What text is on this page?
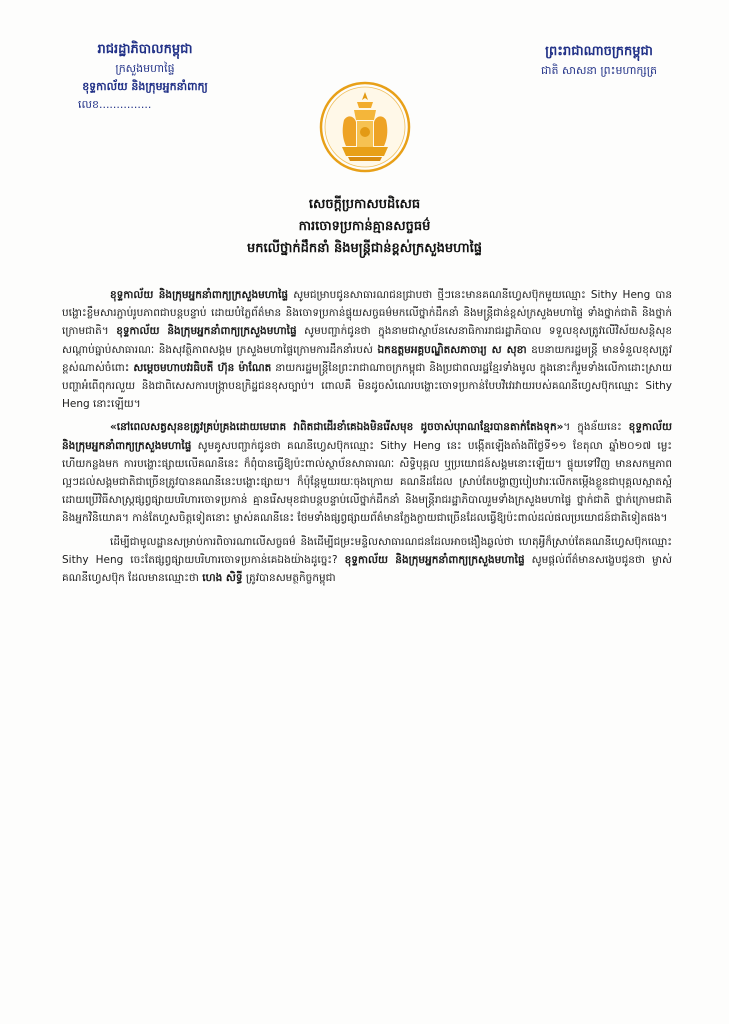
រាជរដ្ឋាភិបាលកម្ពុជា
ក្រសួងមហាផ្ទៃ
ខុទ្ទកាល័យ និងក្រុមអ្នកនាំពាក្យ
លេខ...............
ព្រះរាជាណាចក្រកម្ពុជា
ជាតិ សាសនា ព្រះមហាក្សត្រ
សេចក្តីប្រកាសបដិសេធ
ការចោទប្រកាន់គ្មានសច្ចធម៌
មកលើថ្នាក់ដឹកនាំ និងមន្ត្រីជាន់ខ្ពស់ក្រសួងមហាផ្ទៃ

ខុទ្ទកាល័យ និងក្រុមអ្នកនាំពាក្យក្រសួងមហាផ្ទៃ សូមជម្រាបជូនសាធារណជនជ្រាបថា ថ្មីៗនេះមានគណនីហ្វេសប៊ុកមួយឈ្មោះ Sithy Heng បានបង្ហោះខ្លឹមសារភ្ជាប់រូបភាពជាបន្តបន្ទាប់ ដោយបំភ្លៃព័ត៌មាន និងចោទប្រកាន់ផ្ទុយសច្ចធម៌មកលើថ្នាក់ដឹកនាំ និងមន្ត្រីជាន់ខ្ពស់ក្រសួងមហាផ្ទៃ ទាំងថ្នាក់ជាតិ និងថ្នាក់ក្រោមជាតិ។ ខុទ្ទកាល័យ និងក្រុមអ្នកនាំពាក្យក្រសួងមហាផ្ទៃ សូមបញ្ជាក់ជូនថា ក្នុងនាមជាស្ថាប័នសេនាធិការរាជរដ្ឋាភិបាល ទទួលខុសត្រូវលើវិស័យសន្តិសុខ សណ្តាប់ធ្នាប់សាធារណៈ និងសុវត្ថិភាពសង្គម ក្រសួងមហាផ្ទៃក្រោមការដឹកនាំរបស់ ឯកឧត្តមអគ្គបណ្ឌិតសភាចារ្យ ស សុខា ឧបនាយករដ្ឋមន្ត្រី មានទំនួលខុសត្រូវខ្ពស់ណាស់ចំពោះ សម្តេចមហាបវរធិបតី ហ៊ុន ម៉ាណែត នាយករដ្ឋមន្ត្រីនៃព្រះរាជាណាចក្រកម្ពុជា និងប្រជាពលរដ្ឋខ្មែរទាំងមូល ក្នុងនោះក៏រួមទាំងលើកាដោះស្រាយបញ្ហាអំពើពុករលួយ និងជាពិសេសការបង្ក្រាបឧក្រិដ្ឋជនខុសច្បាប់។ ពោលគឺ មិនដូចសំណេរបង្ហោះចោទប្រកាន់បែបវិវេរវាយរបស់គណនីហ្វេសប៊ុកឈ្មោះ Sithy Heng នោះឡើយ។

«នៅពេលសត្វសុនខត្រូវគ្រប់គ្រងដោយមេរោគ វាពិតជាដើរខាំគេឯងមិនរើសមុខ ដូចចាស់បុរាណខ្មែរបានតាក់តែងទុក»។ ក្នុងន័យនេះ ខុទ្ទកាល័យ និងក្រុមអ្នកនាំពាក្យក្រសួងមហាផ្ទៃ សូមគូសបញ្ជាក់ជូនថា គណនីហ្វេសប៊ុកឈ្មោះ Sithy Heng នេះ បង្កើតឡើងតាំងពីថ្ងៃទី១១ ខែតុលា ឆ្នាំ២០១៧ ម្លេះ ហើយកន្លងមក ការបង្ហោះផ្សាយលើគណនីនេះ ក៏ពុំបានធ្វើឱ្យប៉ះពាល់ស្ថាប័នសាធារណៈ សិទ្ធិបុគ្គល ឬប្រយោជន៍សង្គមនោះឡើយ។ ផ្ទុយទៅវិញ មានសកម្មភាពល្អៗដល់សង្គមជាតិជាច្រើនត្រូវបានគណនីនេះបង្ហោះផ្សាយ។ ក៏ប៉ុន្តែមួយរយៈចុងក្រោយ គណនីដដែល ស្រាប់តែបង្ហាញបៀបវារៈលើកតម្កើងខ្លួនជាបុគ្គលស្អាតស្អំ ដោយប្រើវិធីសាស្រ្តផ្សព្វផ្សាយបរិហារចោទប្រកាន់ គ្មានរើសមុខជាបន្តបន្ទាប់លើថ្នាក់ដឹកនាំ និងមន្ត្រីរាជរដ្ឋាភិបាលរួមទាំងក្រសួងមហាផ្ទៃ ថ្នាក់ជាតិ ថ្នាក់ក្រោមជាតិ និងអ្នកវិនិយោគ។ កាន់តែហួសចិត្តទៀតនោះ ម្ចាស់គណនីនេះ ថែមទាំងផ្សព្វផ្សាយព័ត៌មានក្លែងក្លាយជាច្រើនដែលធ្វើឱ្យប៉ះពាល់ដល់ផលប្រយោជន៍ជាតិទៀតផង។

ដើម្បីជាមូលដ្ឋានសម្រាប់ការពិចារណាលើសច្ចធម៌ និងដើម្បីជម្រះមន្ទិលសាធារណជនដែលអាចងឿងឆ្ងល់ថា ហេតុអ្វីក៏ស្រាប់តែគណនីហ្វេសប៊ុកឈ្មោះ Sithy Heng ចេះតែផ្សព្វផ្សាយបរិហារចោទប្រកាន់គេឯងយ៉ាងដូច្នេះ? ខុទ្ទកាល័យ និងក្រុមអ្នកនាំពាក្យក្រសួងមហាផ្ទៃ សូមផ្តល់ព័ត៌មានសង្ខេបជូនថា ម្ចាស់គណនីហ្វេសប៊ុក ដែលមានឈ្មោះថា ហេង សិទ្ធី ត្រូវបានសមត្ថកិច្ចកម្ពុជា
